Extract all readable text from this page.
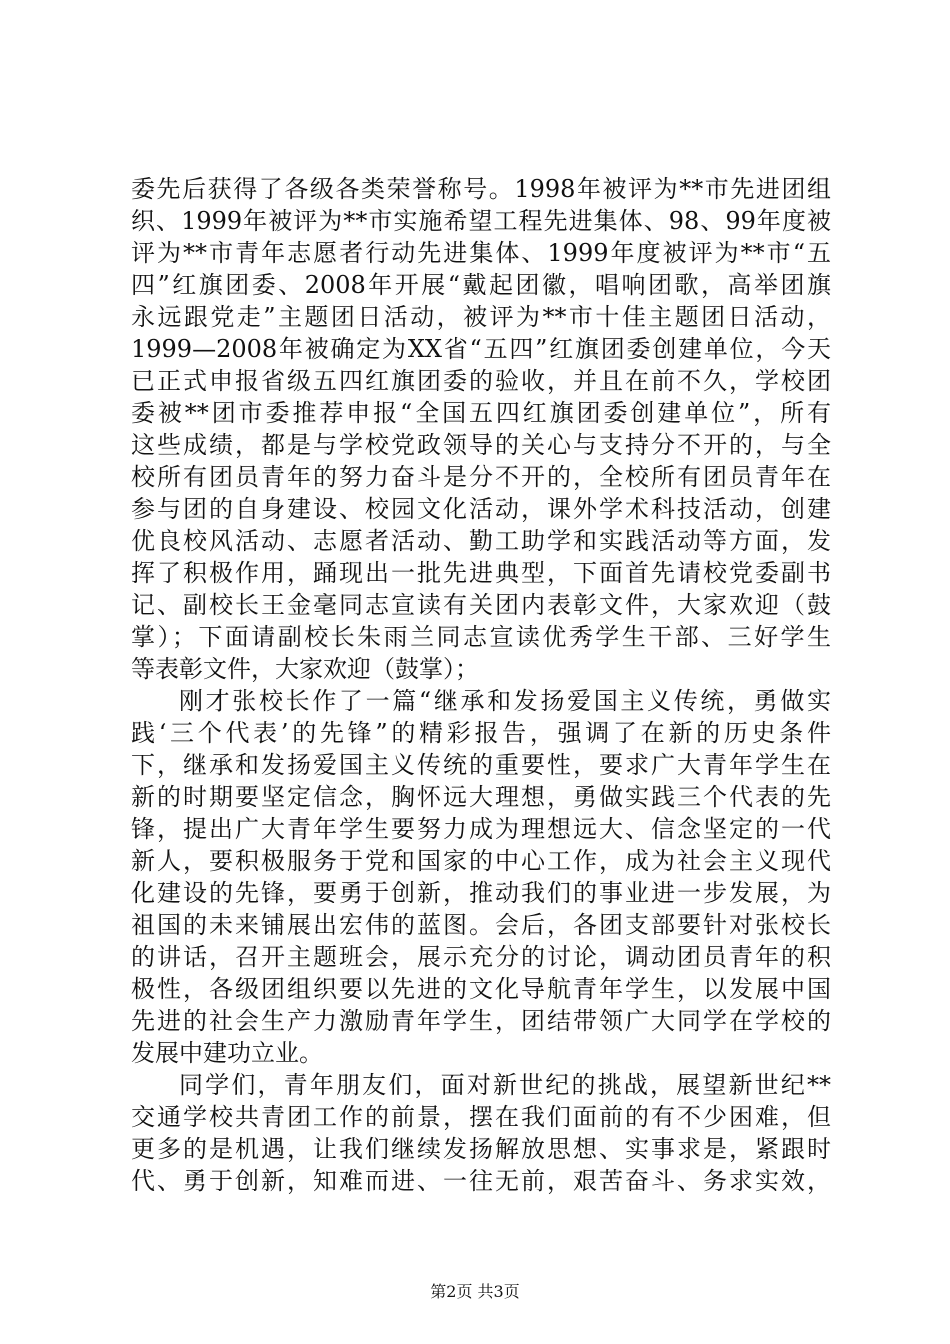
委先后获得了各级各类荣誉称号。1998年被评为**市先进团组
织、1999年被评为**市实施希望工程先进集体、98、99年度被
评为**市青年志愿者行动先进集体、1999年度被评为**市“五
四”红旗团委、2008年开展“戴起团徽，唱响团歌，高举团旗
永远跟党走”主题团日活动，被评为**市十佳主题团日活动，
1999—2008年被确定为XX省“五四”红旗团委创建单位，今天
已正式申报省级五四红旗团委的验收，并且在前不久，学校团
委被**团市委推荐申报“全国五四红旗团委创建单位”，所有
这些成绩，都是与学校党政领导的关心与支持分不开的，与全
校所有团员青年的努力奋斗是分不开的，全校所有团员青年在
参与团的自身建设、校园文化活动，课外学术科技活动，创建
优良校风活动、志愿者活动、勤工助学和实践活动等方面，发
挥了积极作用，踊现出一批先进典型，下面首先请校党委副书
记、副校长王金毫同志宣读有关团内表彰文件，大家欢迎（鼓
掌）；下面请副校长朱雨兰同志宣读优秀学生干部、三好学生
等表彰文件，大家欢迎（鼓掌）；
刚才张校长作了一篇“继承和发扬爱国主义传统，勇做实
践‘三个代表’的先锋”的精彩报告，强调了在新的历史条件
下，继承和发扬爱国主义传统的重要性，要求广大青年学生在
新的时期要坚定信念，胸怀远大理想，勇做实践三个代表的先
锋，提出广大青年学生要努力成为理想远大、信念坚定的一代
新人，要积极服务于党和国家的中心工作，成为社会主义现代
化建设的先锋，要勇于创新，推动我们的事业进一步发展，为
祖国的未来铺展出宏伟的蓝图。会后，各团支部要针对张校长
的讲话，召开主题班会，展示充分的讨论，调动团员青年的积
极性，各级团组织要以先进的文化导航青年学生，以发展中国
先进的社会生产力激励青年学生，团结带领广大同学在学校的
发展中建功立业。
同学们，青年朋友们，面对新世纪的挑战，展望新世纪**
交通学校共青团工作的前景，摆在我们面前的有不少困难，但
更多的是机遇，让我们继续发扬解放思想、实事求是，紧跟时
代、勇于创新，知难而进、一往无前，艰苦奋斗、务求实效，
第2页 共3页
